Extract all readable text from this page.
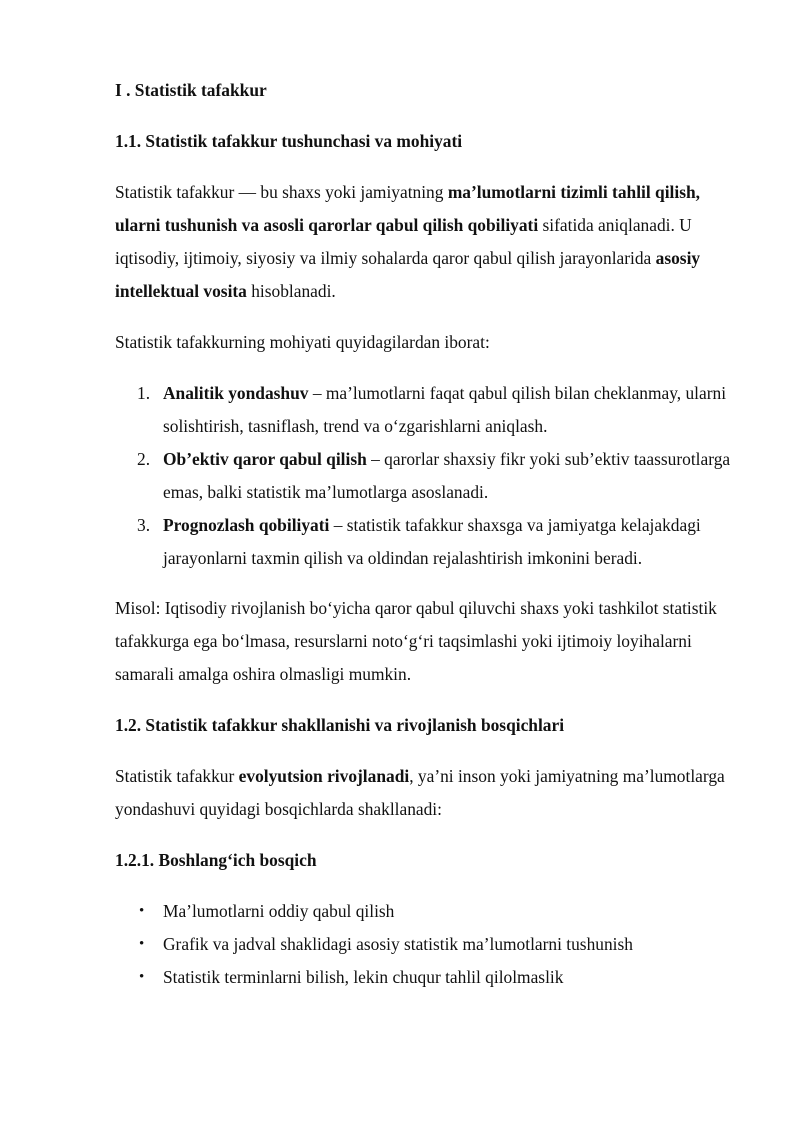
I . Statistik tafakkur
1.1. Statistik tafakkur tushunchasi va mohiyati

Statistik tafakkur — bu shaxs yoki jamiyatning ma’lumotlarni tizimli tahlil qilish, ularni tushunish va asosli qarorlar qabul qilish qobiliyati sifatida aniqlanadi. U iqtisodiy, ijtimoiy, siyosiy va ilmiy sohalarda qaror qabul qilish jarayonlarida asosiy intellektual vosita hisoblanadi.

Statistik tafakkurning mohiyati quyidagilardan iborat:

1. Analitik yondashuv – ma’lumotlarni faqat qabul qilish bilan cheklanmay, ularni solishtirish, tasniflash, trend va o‘zgarishlarni aniqlash.
2. Ob’ektiv qaror qabul qilish – qarorlar shaxsiy fikr yoki sub’ektiv taassurotlarga emas, balki statistik ma’lumotlarga asoslanadi.
3. Prognozlash qobiliyati – statistik tafakkur shaxsga va jamiyatga kelajakdagi jarayonlarni taxmin qilish va oldindan rejalashtirish imkonini beradi.

Misol: Iqtisodiy rivojlanish bo‘yicha qaror qabul qiluvchi shaxs yoki tashkilot statistik tafakkurga ega bo‘lmasa, resurslarni noto‘g‘ri taqsimlashi yoki ijtimoiy loyihalarni samarali amalga oshira olmasligi mumkin.

1.2. Statistik tafakkur shakllanishi va rivojlanish bosqichlari

Statistik tafakkur evolyutsion rivojlanadi, ya’ni inson yoki jamiyatning ma’lumotlarga yondashuvi quyidagi bosqichlarda shakllanadi:

1.2.1. Boshlang‘ich bosqich
• Ma’lumotlarni oddiy qabul qilish
• Grafik va jadval shaklidagi asosiy statistik ma’lumotlarni tushunish
• Statistik terminlarni bilish, lekin chuqur tahlil qilolmaslik
